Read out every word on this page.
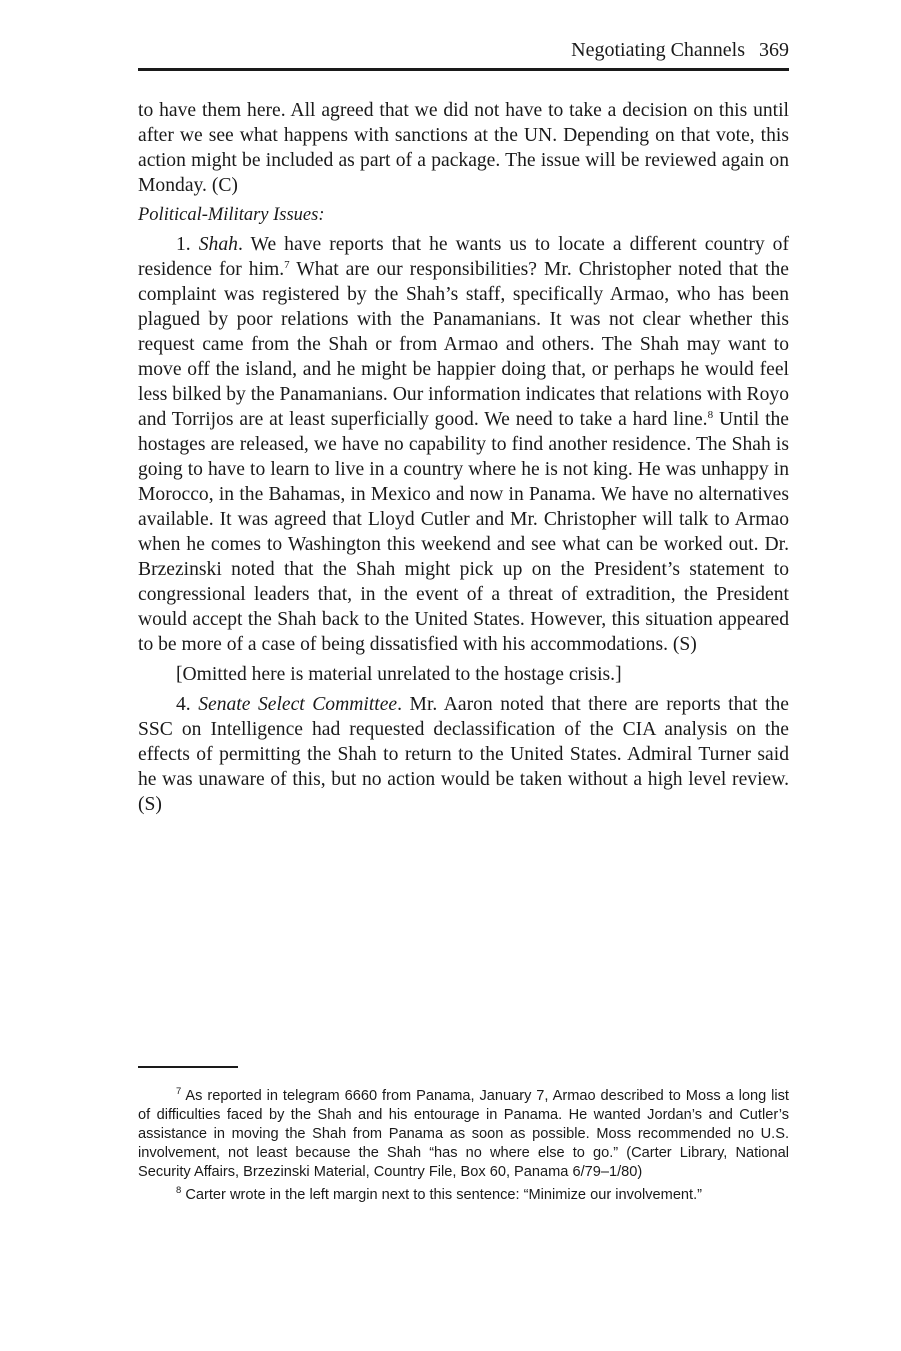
Negotiating Channels 369

to have them here. All agreed that we did not have to take a decision on this until after we see what happens with sanctions at the UN. Depending on that vote, this action might be included as part of a package. The issue will be reviewed again on Monday. (C)

Political-Military Issues:

1. Shah. We have reports that he wants us to locate a different country of residence for him.$^7$ What are our responsibilities? Mr. Christopher noted that the complaint was registered by the Shah’s staff, specifically Armao, who has been plagued by poor relations with the Panamanians. It was not clear whether this request came from the Shah or from Armao and others. The Shah may want to move off the island, and he might be happier doing that, or perhaps he would feel less bilked by the Panamanians. Our information indicates that relations with Royo and Torrijos are at least superficially good. We need to take a hard line.$^8$ Until the hostages are released, we have no capability to find another residence. The Shah is going to have to learn to live in a country where he is not king. He was unhappy in Morocco, in the Bahamas, in Mexico and now in Panama. We have no alternatives available. It was agreed that Lloyd Cutler and Mr. Christopher will talk to Armao when he comes to Washington this weekend and see what can be worked out. Dr. Brzezinski noted that the Shah might pick up on the President’s statement to congressional leaders that, in the event of a threat of extradition, the President would accept the Shah back to the United States. However, this situation appeared to be more of a case of being dissatisfied with his accommodations. (S)

[Omitted here is material unrelated to the hostage crisis.]

4. Senate Select Committee. Mr. Aaron noted that there are reports that the SSC on Intelligence had requested declassification of the CIA analysis on the effects of permitting the Shah to return to the United States. Admiral Turner said he was unaware of this, but no action would be taken without a high level review. (S)

$^7$ As reported in telegram 6660 from Panama, January 7, Armao described to Moss a long list of difficulties faced by the Shah and his entourage in Panama. He wanted Jordan’s and Cutler’s assistance in moving the Shah from Panama as soon as possible. Moss recommended no U.S. involvement, not least because the Shah “has no where else to go.” (Carter Library, National Security Affairs, Brzezinski Material, Country File, Box 60, Panama 6/79–1/80)

$^8$ Carter wrote in the left margin next to this sentence: “Minimize our involvement.”
